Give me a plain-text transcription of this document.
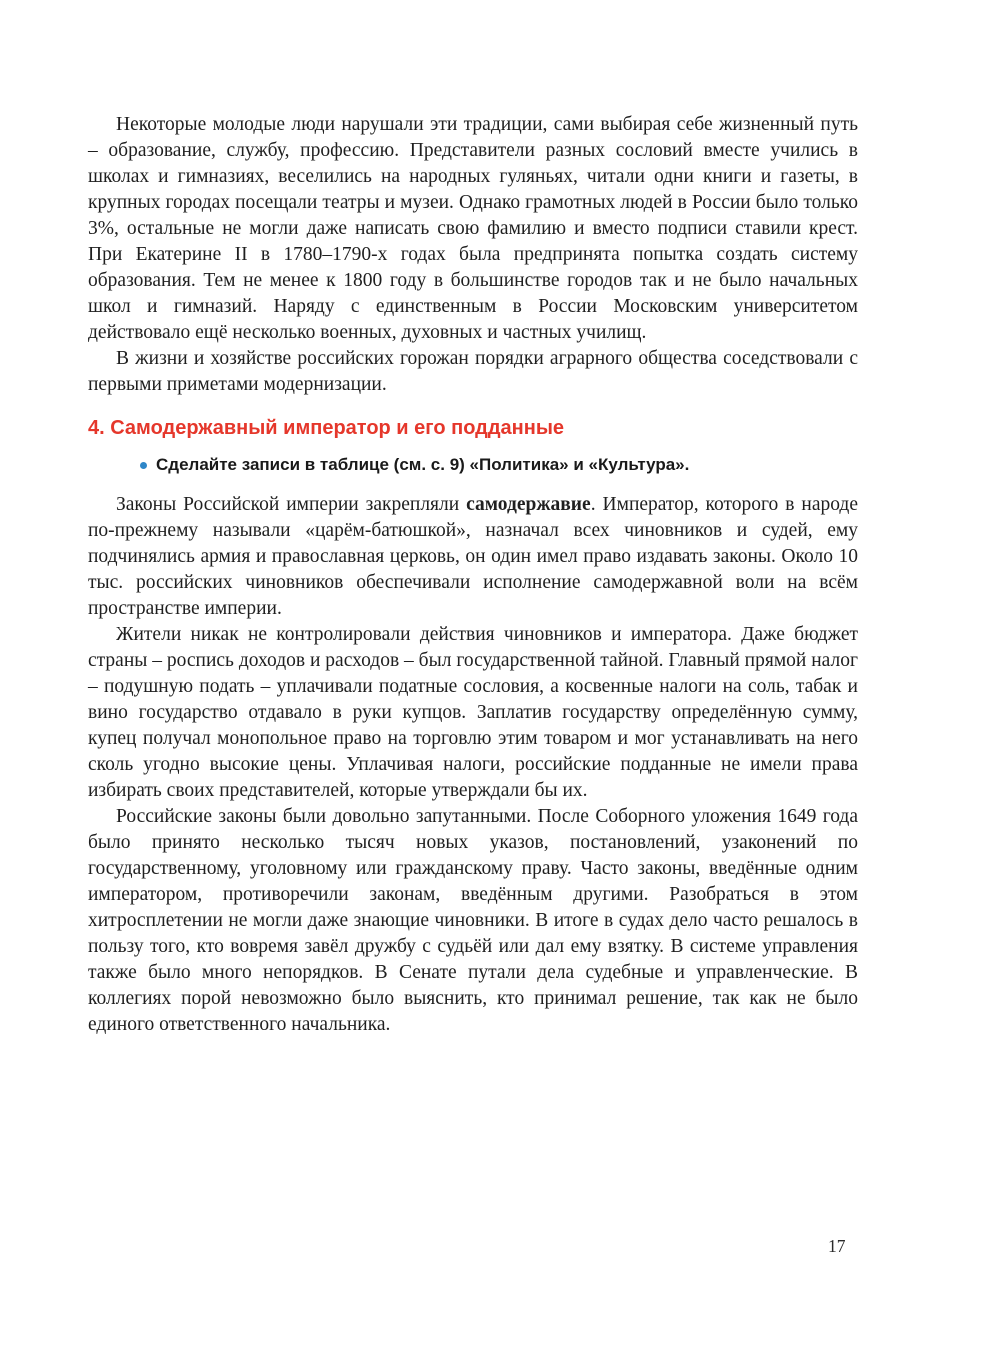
Некоторые молодые люди нарушали эти традиции, сами выбирая себе жизненный путь – образование, службу, профессию. Представители разных сословий вместе учились в школах и гимназиях, веселились на народных гуляньях, читали одни книги и газеты, в крупных городах посещали театры и музеи. Однако грамотных людей в России было только 3%, остальные не могли даже написать свою фамилию и вместо подписи ставили крест. При Екатерине II в 1780–1790-х годах была предпринята попытка создать систему образования. Тем не менее к 1800 году в большинстве городов так и не было начальных школ и гимназий. Наряду с единственным в России Московским университетом действовало ещё несколько военных, духовных и частных училищ.

В жизни и хозяйстве российских горожан порядки аграрного общества соседствовали с первыми приметами модернизации.

4. Самодержавный император и его подданные
Сделайте записи в таблице (см. с. 9) «Политика» и «Культура».

Законы Российской империи закрепляли самодержавие. Император, которого в народе по-прежнему называли «царём-батюшкой», назначал всех чиновников и судей, ему подчинялись армия и православная церковь, он один имел право издавать законы. Около 10 тыс. российских чиновников обеспечивали исполнение самодержавной воли на всём пространстве империи.

Жители никак не контролировали действия чиновников и императора. Даже бюджет страны – роспись доходов и расходов – был государственной тайной. Главный прямой налог – подушную подать – уплачивали податные сословия, а косвенные налоги на соль, табак и вино государство отдавало в руки купцов. Заплатив государству определённую сумму, купец получал монопольное право на торговлю этим товаром и мог устанавливать на него сколь угодно высокие цены. Уплачивая налоги, российские подданные не имели права избирать своих представителей, которые утверждали бы их.

Российские законы были довольно запутанными. После Соборного уложения 1649 года было принято несколько тысяч новых указов, постановлений, узаконений по государственному, уголовному или гражданскому праву. Часто законы, введённые одним императором, противоречили законам, введённым другими. Разобраться в этом хитросплетении не могли даже знающие чиновники. В итоге в судах дело часто решалось в пользу того, кто вовремя завёл дружбу с судьёй или дал ему взятку. В системе управления также было много непорядков. В Сенате путали дела судебные и управленческие. В коллегиях порой невозможно было выяснить, кто принимал решение, так как не было единого ответственного начальника.

17
